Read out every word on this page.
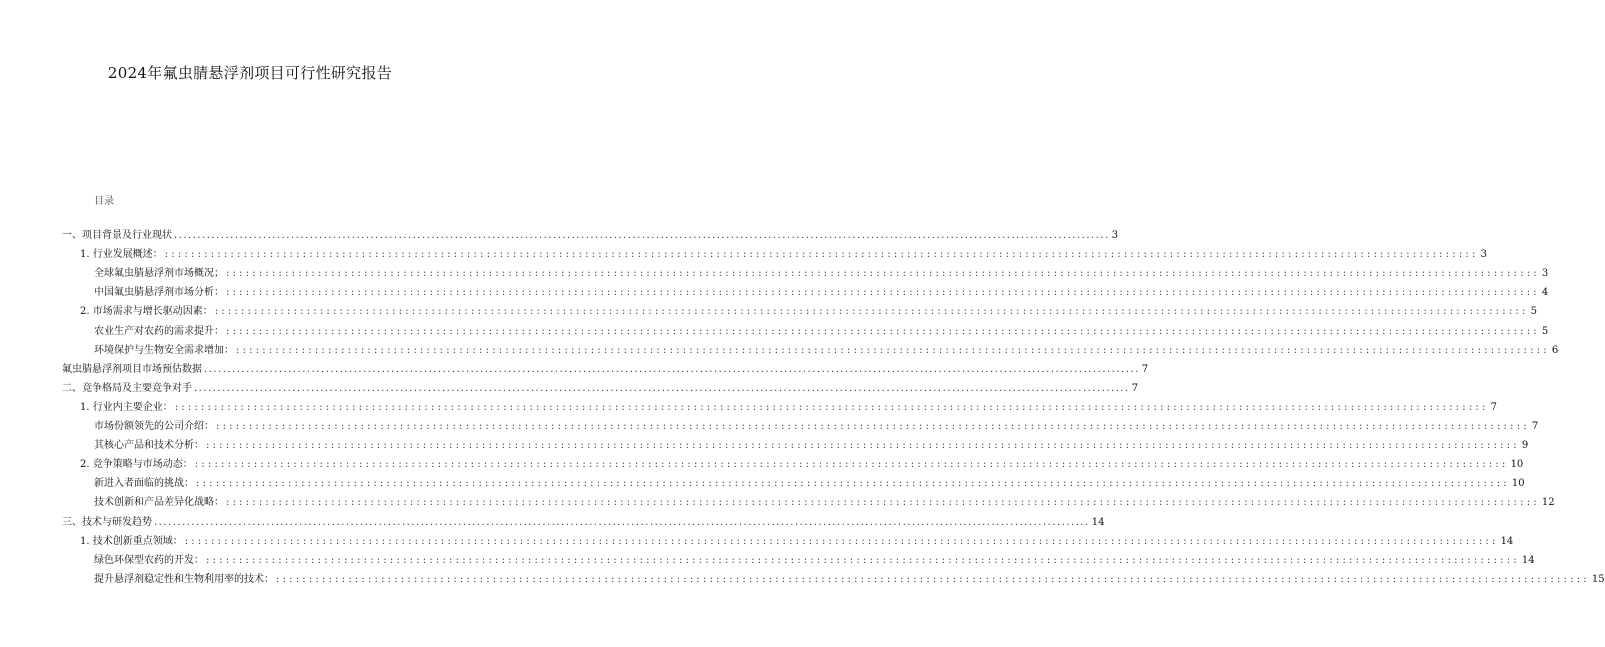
2024年氟虫腈悬浮剂项目可行性研究报告
目录
一、项目背景及行业现状 ........................................................................................................................................................................................................ 3
1. 行业发展概述： :::::::::::::::::::::::::::::::::::::::::::::::::::::::::::::::::::::::::::::::::::::::::::::::::::::::::::::::::::::::::::::::::::::::::::::::::::::::::::::::::::::::::::::::::::::::::::::::::::::::: 3
全球氟虫腈悬浮剂市场概况； :::::::::::::::::::::::::::::::::::::::::::::::::::::::::::::::::::::::::::::::::::::::::::::::::::::::::::::::::::::::::::::::::::::::::::::::::::::::::::::::::::::::::::::::::::::::::::::::::::::::: 3
中国氟虫腈悬浮剂市场分析： :::::::::::::::::::::::::::::::::::::::::::::::::::::::::::::::::::::::::::::::::::::::::::::::::::::::::::::::::::::::::::::::::::::::::::::::::::::::::::::::::::::::::::::::::::::::::::::::::::::::: 4
2. 市场需求与增长驱动因素： :::::::::::::::::::::::::::::::::::::::::::::::::::::::::::::::::::::::::::::::::::::::::::::::::::::::::::::::::::::::::::::::::::::::::::::::::::::::::::::::::::::::::::::::::::::::::::::::::::::::: 5
农业生产对农药的需求提升： :::::::::::::::::::::::::::::::::::::::::::::::::::::::::::::::::::::::::::::::::::::::::::::::::::::::::::::::::::::::::::::::::::::::::::::::::::::::::::::::::::::::::::::::::::::::::::::::::::::::: 5
环境保护与生物安全需求增加： :::::::::::::::::::::::::::::::::::::::::::::::::::::::::::::::::::::::::::::::::::::::::::::::::::::::::::::::::::::::::::::::::::::::::::::::::::::::::::::::::::::::::::::::::::::::::::::::::::::::: 6
氟虫腈悬浮剂项目市场预估数据 ........................................................................................................................................................................................................ 7
二、竞争格局及主要竞争对手 ........................................................................................................................................................................................................ 7
1. 行业内主要企业： :::::::::::::::::::::::::::::::::::::::::::::::::::::::::::::::::::::::::::::::::::::::::::::::::::::::::::::::::::::::::::::::::::::::::::::::::::::::::::::::::::::::::::::::::::::::::::::::::::::::: 7
市场份额领先的公司介绍： :::::::::::::::::::::::::::::::::::::::::::::::::::::::::::::::::::::::::::::::::::::::::::::::::::::::::::::::::::::::::::::::::::::::::::::::::::::::::::::::::::::::::::::::::::::::::::::::::::::::: 7
其核心产品和技术分析： :::::::::::::::::::::::::::::::::::::::::::::::::::::::::::::::::::::::::::::::::::::::::::::::::::::::::::::::::::::::::::::::::::::::::::::::::::::::::::::::::::::::::::::::::::::::::::::::::::::::: 9
2. 竞争策略与市场动态： :::::::::::::::::::::::::::::::::::::::::::::::::::::::::::::::::::::::::::::::::::::::::::::::::::::::::::::::::::::::::::::::::::::::::::::::::::::::::::::::::::::::::::::::::::::::::::::::::::::::: 10
新进入者面临的挑战： :::::::::::::::::::::::::::::::::::::::::::::::::::::::::::::::::::::::::::::::::::::::::::::::::::::::::::::::::::::::::::::::::::::::::::::::::::::::::::::::::::::::::::::::::::::::::::::::::::::::: 10
技术创新和产品差异化战略： :::::::::::::::::::::::::::::::::::::::::::::::::::::::::::::::::::::::::::::::::::::::::::::::::::::::::::::::::::::::::::::::::::::::::::::::::::::::::::::::::::::::::::::::::::::::::::::::::::::::: 12
三、技术与研发趋势 ........................................................................................................................................................................................................ 14
1. 技术创新重点领域： :::::::::::::::::::::::::::::::::::::::::::::::::::::::::::::::::::::::::::::::::::::::::::::::::::::::::::::::::::::::::::::::::::::::::::::::::::::::::::::::::::::::::::::::::::::::::::::::::::::::: 14
绿色环保型农药的开发： :::::::::::::::::::::::::::::::::::::::::::::::::::::::::::::::::::::::::::::::::::::::::::::::::::::::::::::::::::::::::::::::::::::::::::::::::::::::::::::::::::::::::::::::::::::::::::::::::::::::: 14
提升悬浮剂稳定性和生物利用率的技术： :::::::::::::::::::::::::::::::::::::::::::::::::::::::::::::::::::::::::::::::::::::::::::::::::::::::::::::::::::::::::::::::::::::::::::::::::::::::::::::::::::::::::::::::::::::::::::::::::::::::: 15
